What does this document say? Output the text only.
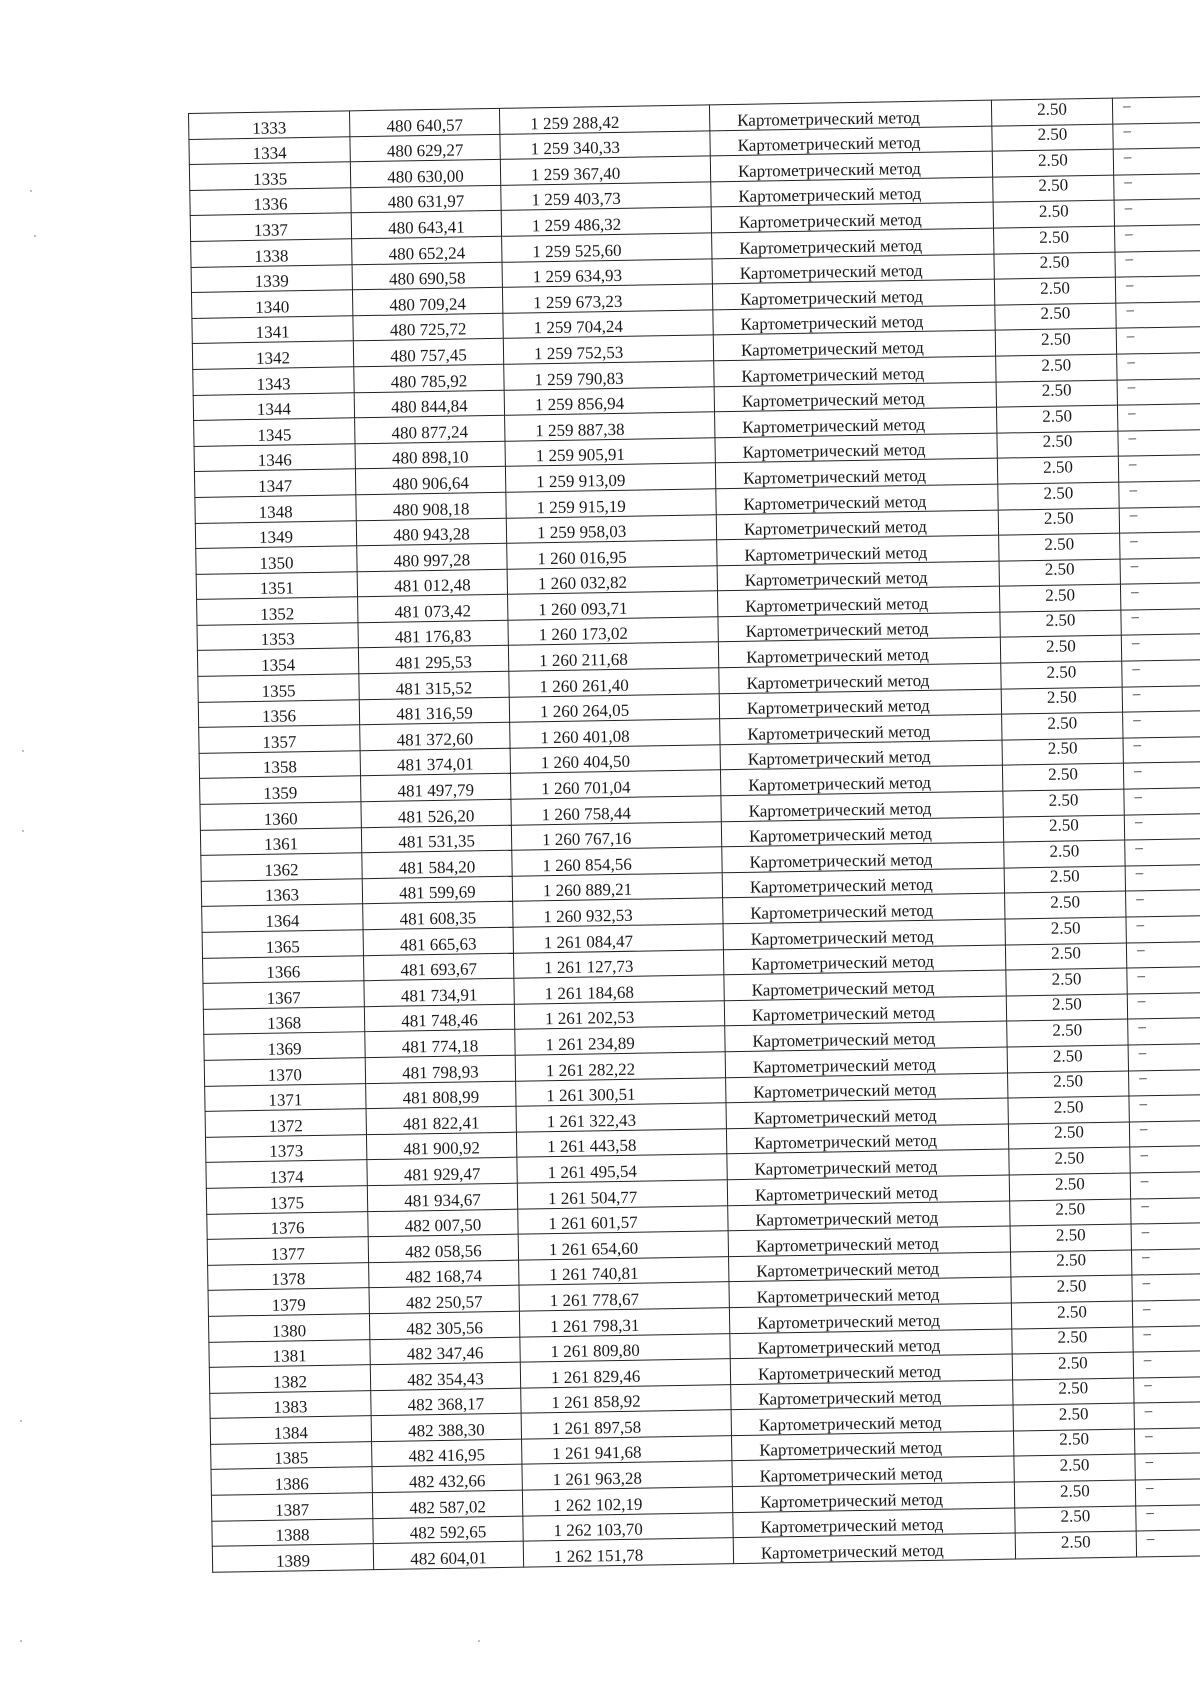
1333	480 640,57	1 259 288,42	Картометрический метод	2.50	–
1334	480 629,27	1 259 340,33	Картометрический метод	2.50	–
1335	480 630,00	1 259 367,40	Картометрический метод	2.50	–
1336	480 631,97	1 259 403,73	Картометрический метод	2.50	–
1337	480 643,41	1 259 486,32	Картометрический метод	2.50	–
1338	480 652,24	1 259 525,60	Картометрический метод	2.50	–
1339	480 690,58	1 259 634,93	Картометрический метод	2.50	–
1340	480 709,24	1 259 673,23	Картометрический метод	2.50	–
1341	480 725,72	1 259 704,24	Картометрический метод	2.50	–
1342	480 757,45	1 259 752,53	Картометрический метод	2.50	–
1343	480 785,92	1 259 790,83	Картометрический метод	2.50	–
1344	480 844,84	1 259 856,94	Картометрический метод	2.50	–
1345	480 877,24	1 259 887,38	Картометрический метод	2.50	–
1346	480 898,10	1 259 905,91	Картометрический метод	2.50	–
1347	480 906,64	1 259 913,09	Картометрический метод	2.50	–
1348	480 908,18	1 259 915,19	Картометрический метод	2.50	–
1349	480 943,28	1 259 958,03	Картометрический метод	2.50	–
1350	480 997,28	1 260 016,95	Картометрический метод	2.50	–
1351	481 012,48	1 260 032,82	Картометрический метод	2.50	–
1352	481 073,42	1 260 093,71	Картометрический метод	2.50	–
1353	481 176,83	1 260 173,02	Картометрический метод	2.50	–
1354	481 295,53	1 260 211,68	Картометрический метод	2.50	–
1355	481 315,52	1 260 261,40	Картометрический метод	2.50	–
1356	481 316,59	1 260 264,05	Картометрический метод	2.50	–
1357	481 372,60	1 260 401,08	Картометрический метод	2.50	–
1358	481 374,01	1 260 404,50	Картометрический метод	2.50	–
1359	481 497,79	1 260 701,04	Картометрический метод	2.50	–
1360	481 526,20	1 260 758,44	Картометрический метод	2.50	–
1361	481 531,35	1 260 767,16	Картометрический метод	2.50	–
1362	481 584,20	1 260 854,56	Картометрический метод	2.50	–
1363	481 599,69	1 260 889,21	Картометрический метод	2.50	–
1364	481 608,35	1 260 932,53	Картометрический метод	2.50	–
1365	481 665,63	1 261 084,47	Картометрический метод	2.50	–
1366	481 693,67	1 261 127,73	Картометрический метод	2.50	–
1367	481 734,91	1 261 184,68	Картометрический метод	2.50	–
1368	481 748,46	1 261 202,53	Картометрический метод	2.50	–
1369	481 774,18	1 261 234,89	Картометрический метод	2.50	–
1370	481 798,93	1 261 282,22	Картометрический метод	2.50	–
1371	481 808,99	1 261 300,51	Картометрический метод	2.50	–
1372	481 822,41	1 261 322,43	Картометрический метод	2.50	–
1373	481 900,92	1 261 443,58	Картометрический метод	2.50	–
1374	481 929,47	1 261 495,54	Картометрический метод	2.50	–
1375	481 934,67	1 261 504,77	Картометрический метод	2.50	–
1376	482 007,50	1 261 601,57	Картометрический метод	2.50	–
1377	482 058,56	1 261 654,60	Картометрический метод	2.50	–
1378	482 168,74	1 261 740,81	Картометрический метод	2.50	–
1379	482 250,57	1 261 778,67	Картометрический метод	2.50	–
1380	482 305,56	1 261 798,31	Картометрический метод	2.50	–
1381	482 347,46	1 261 809,80	Картометрический метод	2.50	–
1382	482 354,43	1 261 829,46	Картометрический метод	2.50	–
1383	482 368,17	1 261 858,92	Картометрический метод	2.50	–
1384	482 388,30	1 261 897,58	Картометрический метод	2.50	–
1385	482 416,95	1 261 941,68	Картометрический метод	2.50	–
1386	482 432,66	1 261 963,28	Картометрический метод	2.50	–
1387	482 587,02	1 262 102,19	Картометрический метод	2.50	–
1388	482 592,65	1 262 103,70	Картометрический метод	2.50	–
1389	482 604,01	1 262 151,78	Картометрический метод	2.50	–
